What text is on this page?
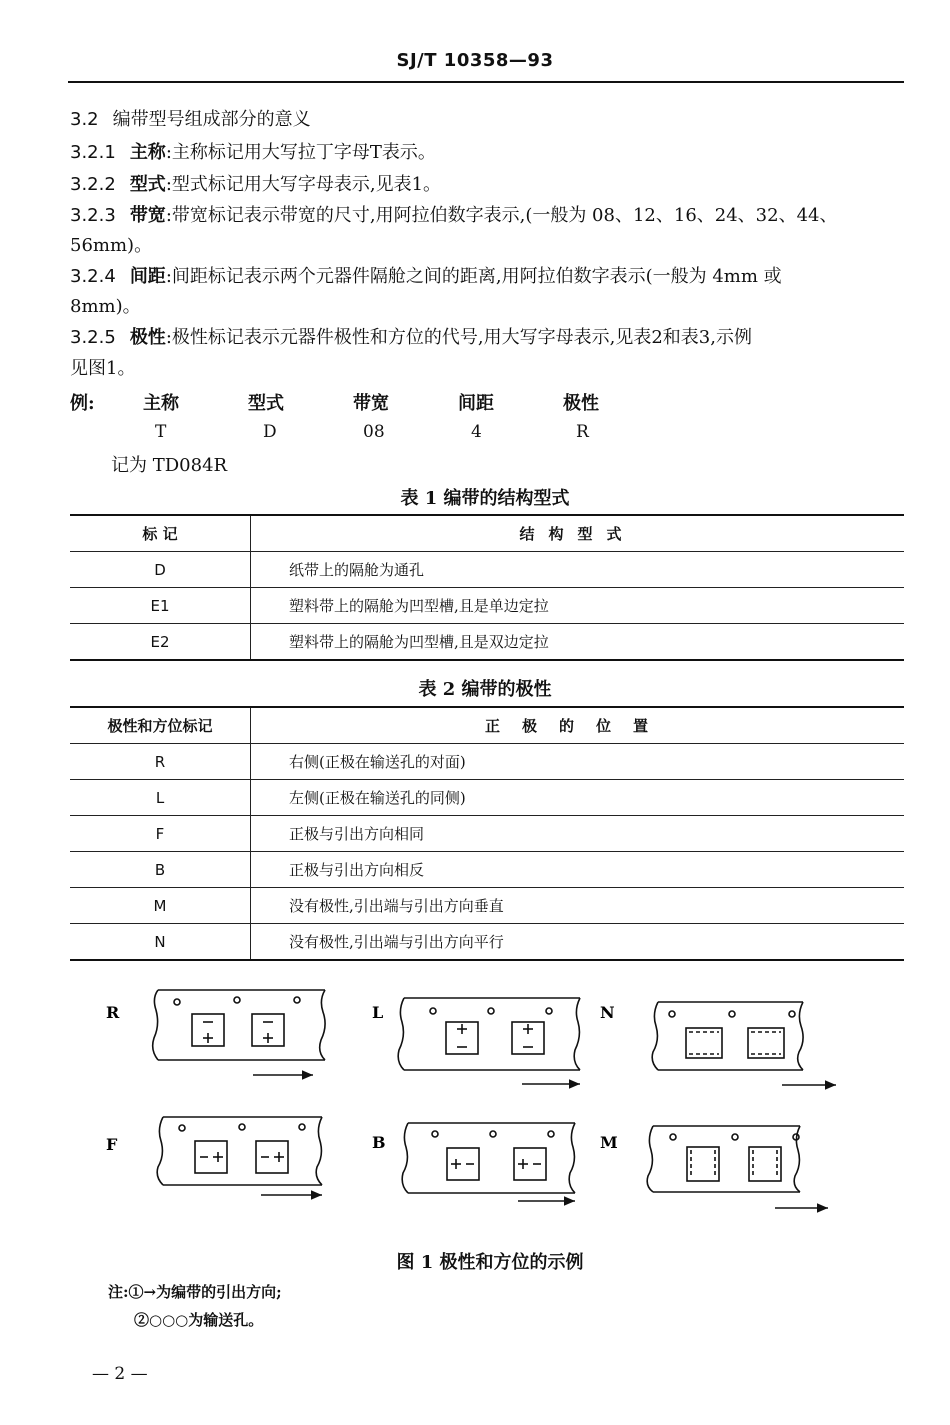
SJ/T 10358—93
3.2 编带型号组成部分的意义
3.2.1 主称:主称标记用大写拉丁字母T表示。
3.2.2 型式:型式标记用大写字母表示,见表1。
3.2.3 带宽:带宽标记表示带宽的尺寸,用阿拉伯数字表示,(一般为 08、12、16、24、32、44、
56mm)。
3.2.4 间距:间距标记表示两个元器件隔舱之间的距离,用阿拉伯数字表示(一般为 4mm 或
8mm)。
3.2.5 极性:极性标记表示元器件极性和方位的代号,用大写字母表示,见表2和表3,示例
见图1。
例:	主称	型式	带宽	间距	极性
T	D	08	4	R
记为 TD084R
表 1 编带的结构型式
标 记	结构型式
D	纸带上的隔舱为通孔
E1	塑料带上的隔舱为凹型槽,且是单边定拉
E2	塑料带上的隔舱为凹型槽,且是双边定拉
表 2 编带的极性
极性和方位标记	正极的位置
R	右侧(正极在输送孔的对面)
L	左侧(正极在输送孔的同侧)
F	正极与引出方向相同
B	正极与引出方向相反
M	没有极性,引出端与引出方向垂直
N	没有极性,引出端与引出方向平行
R	L	N
F	B	M
图 1 极性和方位的示例
注:①→为编带的引出方向;
②○○○为输送孔。
— 2 —
